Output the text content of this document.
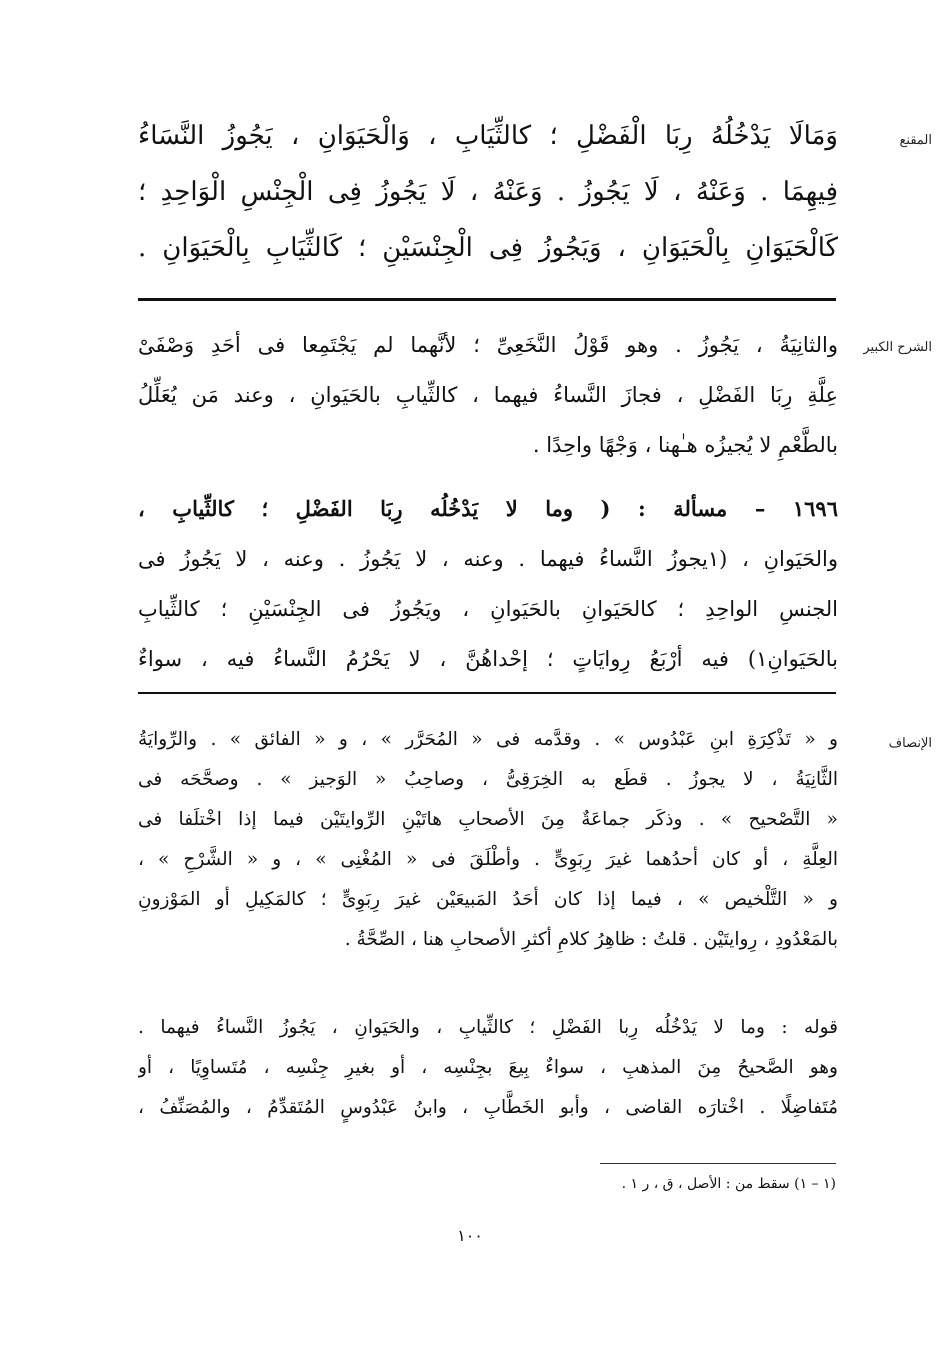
المقنع
وَمَالَا يَدْخُلُهُ رِبَا الْفَضْلِ ؛ كالثِّيَابِ ، وَالْحَيَوَانِ ، يَجُوزُ النَّسَاءُ
فِيهِمَا . وَعَنْهُ ، لَا يَجُوزُ . وَعَنْهُ ، لَا يَجُوزُ فِى الْجِنْسِ الْوَاحِدِ ؛
كَالْحَيَوَانِ بِالْحَيَوَانِ ، وَيَجُوزُ فِى الْجِنْسَيْنِ ؛ كَالثِّيَابِ بِالْحَيَوَانِ .
الشرح الكبير
والثانِيَةُ ، يَجُوزُ . وهو قَوْلُ النَّخَعِىِّ ؛ لأنَّهما لم يَجْتَمِعا فى أحَدِ وَصْفَىْ
عِلَّةِ رِبَا الفَضْلِ ، فجازَ النَّساءُ فيهما ، كالثِّيابِ بالحَيَوانِ ، وعند مَن يُعَلِّلُ
بالطَّعْمِ لا يُجيزُه هـٰهنا ، وَجْهًا واحِدًا .
١٦٩٦ – مسألة : ( وما لا يَدْخُلُه رِبَا الفَضْلِ ؛ كالثِّيابِ ،
والحَيَوانِ ، (١يجوزُ النَّساءُ فيهما . وعنه ، لا يَجُوزُ . وعنه ، لا يَجُوزُ فى
الجنسِ الواحِدِ ؛ كالحَيَوانِ بالحَيَوانِ ، ويَجُوزُ فى الجِنْسَيْنِ ؛ كالثِّيابِ
بالحَيَوانِ١) فيه أرْبَعُ رِوايَاتٍ ؛ إحْداهُنَّ ، لا يَحْرُمُ النَّساءُ فيه ، سواءٌ
الإنصاف
و « تَذْكِرَةِ ابنِ عَبْدُوس » . وقدَّمه فى « المُحَرَّر » ، و « الفائق » . والرِّوايَةُ
الثَّانِيَةُ ، لا يجوزُ . قطَع به الخِرَقِىُّ ، وصاحِبُ « الوَجيز » . وصحَّحَه فى
« التَّصْحيح » . وذكَر جماعَةٌ مِنَ الأصحابِ هاتَيْنِ الرِّوايتَيْن فيما إذا اخْتلَفا فى
العِلَّةِ ، أو كان أحدُهما غيرَ رِبَوِىٍّ . وأطْلَقَ فى « المُغْنِى » ، و « الشَّرْحِ » ،
و « التَّلْخيص » ، فيما إذا كان أحَدُ المَبيعَيْن غيرَ رِبَوِىٍّ ؛ كالمَكِيلِ أو المَوْزونِ
بالمَعْدُودِ ، رِوايتَيْن . قلتُ : ظاهِرُ كلامِ أكثرِ الأصحابِ هنا ، الصِّحَّةُ .
قوله : وما لا يَدْخُلُه رِبا الفَضْلِ ؛ كالثِّيابِ ، والحَيَوانِ ، يَجُوزُ النَّساءُ فيهما .
وهو الصَّحيحُ مِنَ المذهبِ ، سواءٌ بِيعَ بجِنْسِه ، أو بغيرِ جِنْسِه ، مُتَساوِيًا ، أو
مُتَفاضِلًا . اخْتارَه القاضى ، وأبو الخَطَّابِ ، وابنُ عَبْدُوسٍ المُتَقدِّمُ ، والمُصَنِّفُ ،
(١ – ١) سقط من : الأصل ، ق ، ر ١ .
١٠٠
